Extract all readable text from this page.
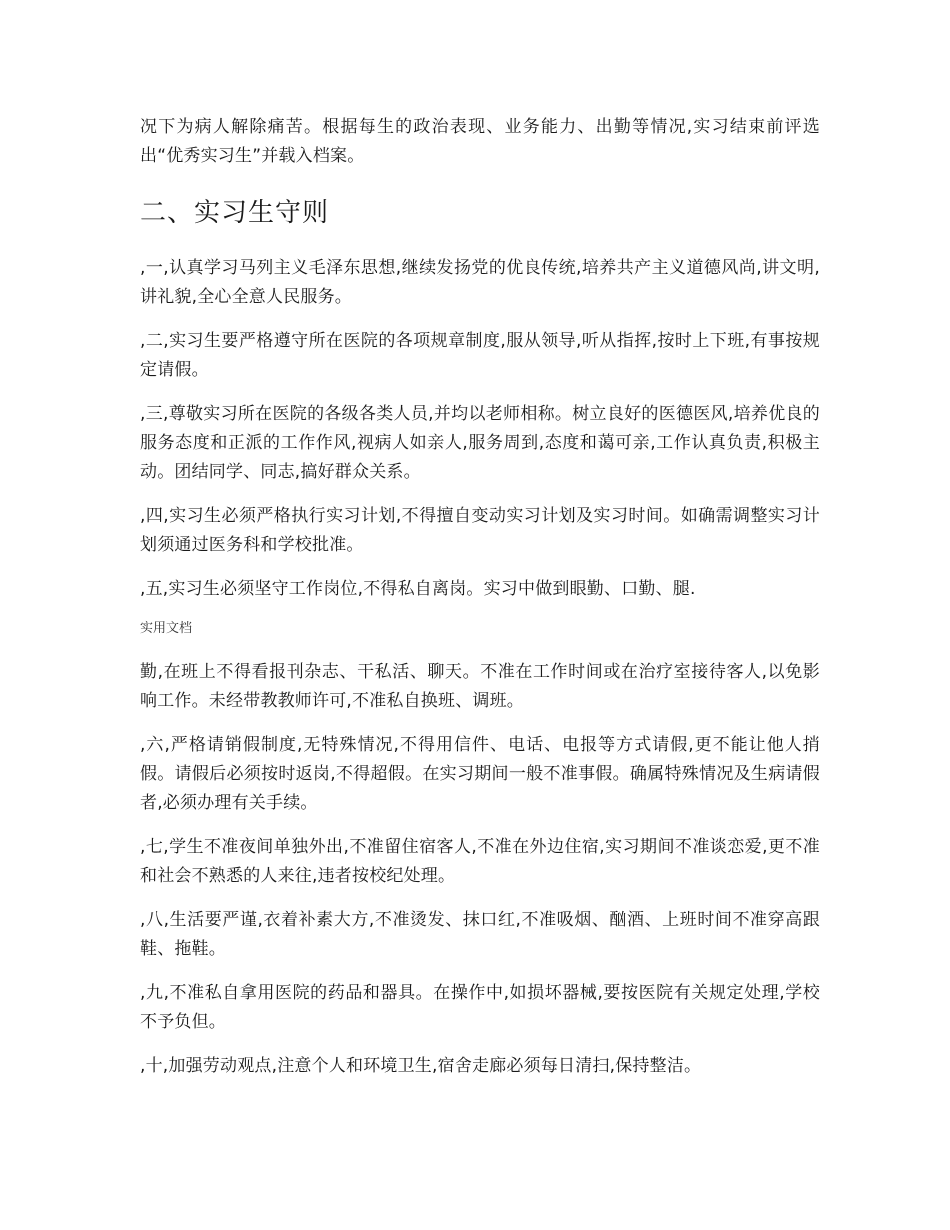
况下为病人解除痛苦。根据每生的政治表现、业务能力、出勤等情况,实习结束前评选出“优秀实习生”并载入档案。

二、实习生守则

,一,认真学习马列主义毛泽东思想,继续发扬党的优良传统,培养共产主义道德风尚,讲文明,讲礼貌,全心全意人民服务。

,二,实习生要严格遵守所在医院的各项规章制度,服从领导,听从指挥,按时上下班,有事按规定请假。

,三,尊敬实习所在医院的各级各类人员,并均以老师相称。树立良好的医德医风,培养优良的服务态度和正派的工作作风,视病人如亲人,服务周到,态度和蔼可亲,工作认真负责,积极主动。团结同学、同志,搞好群众关系。

,四,实习生必须严格执行实习计划,不得擅自变动实习计划及实习时间。如确需调整实习计划须通过医务科和学校批准。

,五,实习生必须坚守工作岗位,不得私自离岗。实习中做到眼勤、口勤、腿.

实用文档

勤,在班上不得看报刊杂志、干私活、聊天。不准在工作时间或在治疗室接待客人,以免影响工作。未经带教教师许可,不准私自换班、调班。

,六,严格请销假制度,无特殊情况,不得用信件、电话、电报等方式请假,更不能让他人捎假。请假后必须按时返岗,不得超假。在实习期间一般不准事假。确属特殊情况及生病请假者,必须办理有关手续。

,七,学生不准夜间单独外出,不准留住宿客人,不准在外边住宿,实习期间不准谈恋爱,更不准和社会不熟悉的人来往,违者按校纪处理。

,八,生活要严谨,衣着补素大方,不准烫发、抹口红,不准吸烟、酗酒、上班时间不准穿高跟鞋、拖鞋。

,九,不准私自拿用医院的药品和器具。在操作中,如损坏器械,要按医院有关规定处理,学校不予负但。

,十,加强劳动观点,注意个人和环境卫生,宿舍走廊必须每日清扫,保持整洁。
